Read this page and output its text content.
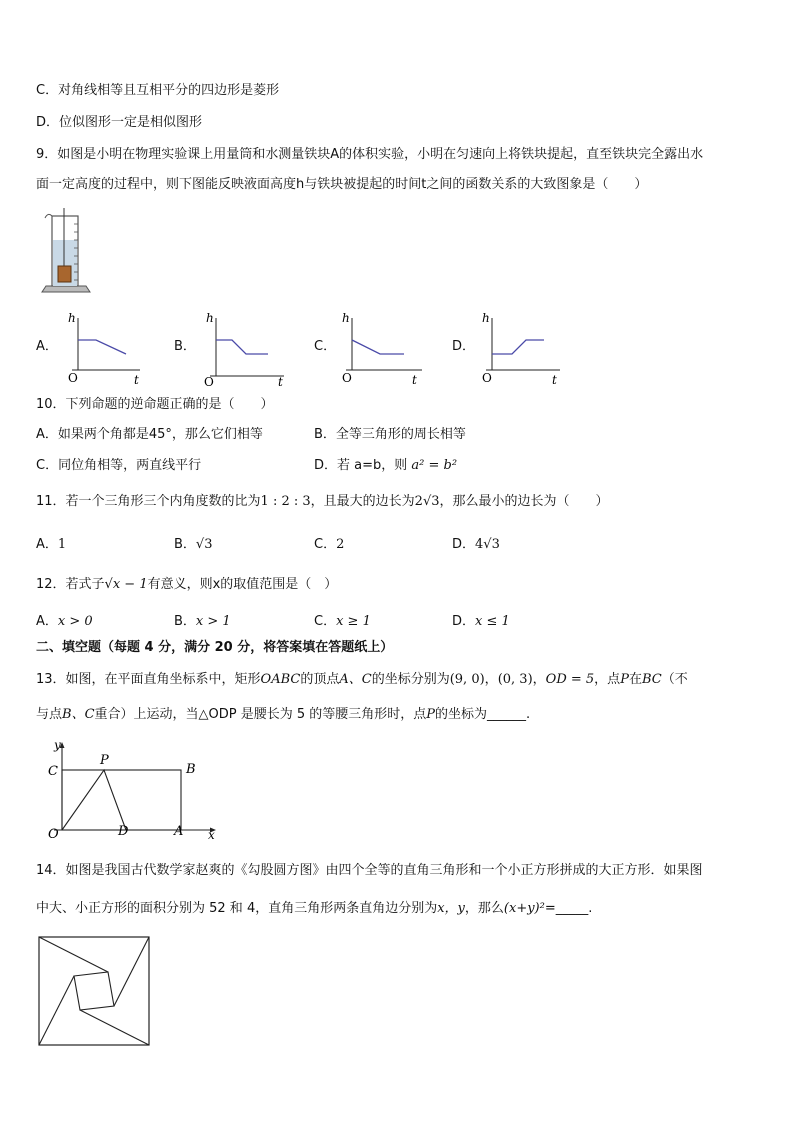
C．对角线相等且互相平分的四边形是菱形
D．位似图形一定是相似图形
9．如图是小明在物理实验课上用量筒和水测量铁块A的体积实验，小明在匀速向上将铁块提起，直至铁块完全露出水
面一定高度的过程中，则下图能反映液面高度h与铁块被提起的时间t之间的函数关系的大致图象是（　　）
A．
h
t
O
B．
h
t
O
C．
h
t
O
D．
h
t
O
10．下列命题的逆命题正确的是（　　）
A．如果两个角都是45°，那么它们相等	B．全等三角形的周长相等
C．同位角相等，两直线平行	D．若 a=b，则 a² = b²
11．若一个三角形三个内角度数的比为1 : 2 : 3，且最大的边长为2√3，那么最小的边长为（　　）
A．1	B．√3	C．2	D．4√3
12．若式子√x − 1有意义，则x的取值范围是（　）
A．x > 0	B．x > 1	C．x ≥ 1	D．x ≤ 1
二、填空题（每题 4 分，满分 20 分，将答案填在答题纸上）
13．如图，在平面直角坐标系中，矩形OABC的顶点A、C的坐标分别为(9, 0)，(0, 3)，OD = 5，点P在BC（不
与点B、C重合）上运动，当△ODP 是腰长为 5 的等腰三角形时，点P的坐标为______.
y
x
C
P
B
O	D	A
14．如图是我国古代数学家赵爽的《勾股圆方图》由四个全等的直角三角形和一个小正方形拼成的大正方形．如果图
中大、小正方形的面积分别为 52 和 4，直角三角形两条直角边分别为x，y，那么(x+y)²=_____.
